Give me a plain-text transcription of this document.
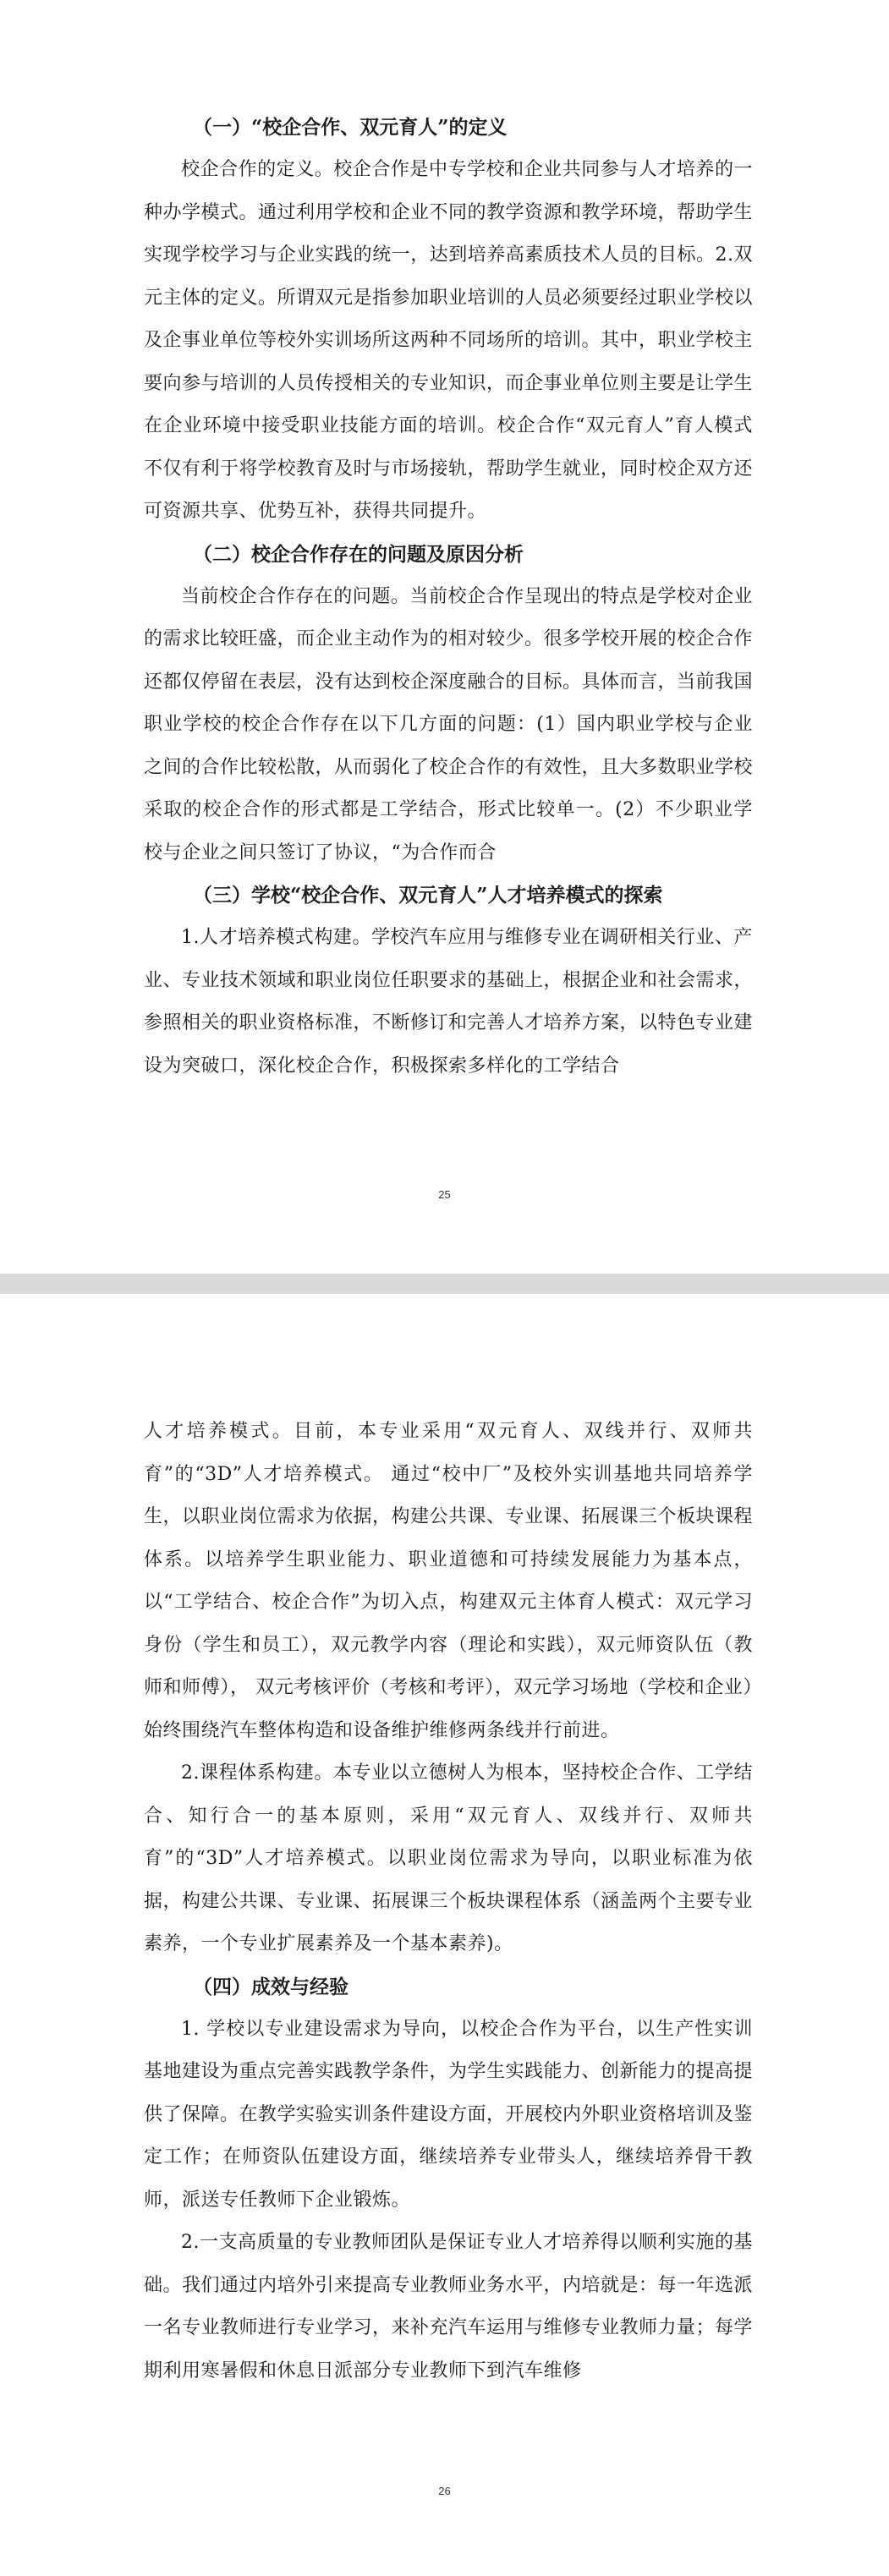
（一）“校企合作、双元育人”的定义

校企合作的定义。校企合作是中专学校和企业共同参与人才培养的一种办学模式。通过利用学校和企业不同的教学资源和教学环境，帮助学生实现学校学习与企业实践的统一，达到培养高素质技术人员的目标。2.双元主体的定义。所谓双元是指参加职业培训的人员必须要经过职业学校以及企事业单位等校外实训场所这两种不同场所的培训。其中，职业学校主要向参与培训的人员传授相关的专业知识，而企事业单位则主要是让学生在企业环境中接受职业技能方面的培训。校企合作“双元育人”育人模式不仅有利于将学校教育及时与市场接轨，帮助学生就业，同时校企双方还可资源共享、优势互补，获得共同提升。

（二）校企合作存在的问题及原因分析

当前校企合作存在的问题。当前校企合作呈现出的特点是学校对企业的需求比较旺盛，而企业主动作为的相对较少。很多学校开展的校企合作还都仅停留在表层，没有达到校企深度融合的目标。具体而言，当前我国职业学校的校企合作存在以下几方面的问题：(1）国内职业学校与企业之间的合作比较松散，从而弱化了校企合作的有效性，且大多数职业学校采取的校企合作的形式都是工学结合，形式比较单一。(2）不少职业学校与企业之间只签订了协议，“为合作而合

（三）学校“校企合作、双元育人”人才培养模式的探索

1.人才培养模式构建。学校汽车应用与维修专业在调研相关行业、产业、专业技术领域和职业岗位任职要求的基础上，根据企业和社会需求，参照相关的职业资格标准，不断修订和完善人才培养方案，以特色专业建设为突破口，深化校企合作，积极探索多样化的工学结合

25

人才培养模式。目前，本专业采用“双元育人、双线并行、双师共育”的“3D”人才培养模式。 通过“校中厂”及校外实训基地共同培养学生，以职业岗位需求为依据，构建公共课、专业课、拓展课三个板块课程体系。以培养学生职业能力、职业道德和可持续发展能力为基本点，以“工学结合、校企合作”为切入点，构建双元主体育人模式：双元学习身份（学生和员工），双元教学内容（理论和实践），双元师资队伍（教师和师傅）， 双元考核评价（考核和考评），双元学习场地（学校和企业）始终围绕汽车整体构造和设备维护维修两条线并行前进。

2.课程体系构建。本专业以立德树人为根本，坚持校企合作、工学结合、知行合一的基本原则，采用“双元育人、双线并行、双师共育”的“3D”人才培养模式。以职业岗位需求为导向，以职业标准为依据，构建公共课、专业课、拓展课三个板块课程体系（涵盖两个主要专业素养，一个专业扩展素养及一个基本素养)。

（四）成效与经验

1. 学校以专业建设需求为导向，以校企合作为平台，以生产性实训基地建设为重点完善实践教学条件，为学生实践能力、创新能力的提高提供了保障。在教学实验实训条件建设方面，开展校内外职业资格培训及鉴定工作；在师资队伍建设方面，继续培养专业带头人，继续培养骨干教师，派送专任教师下企业锻炼。

2.一支高质量的专业教师团队是保证专业人才培养得以顺利实施的基础。我们通过内培外引来提高专业教师业务水平，内培就是：每一年选派一名专业教师进行专业学习，来补充汽车运用与维修专业教师力量；每学期利用寒暑假和休息日派部分专业教师下到汽车维修

26
